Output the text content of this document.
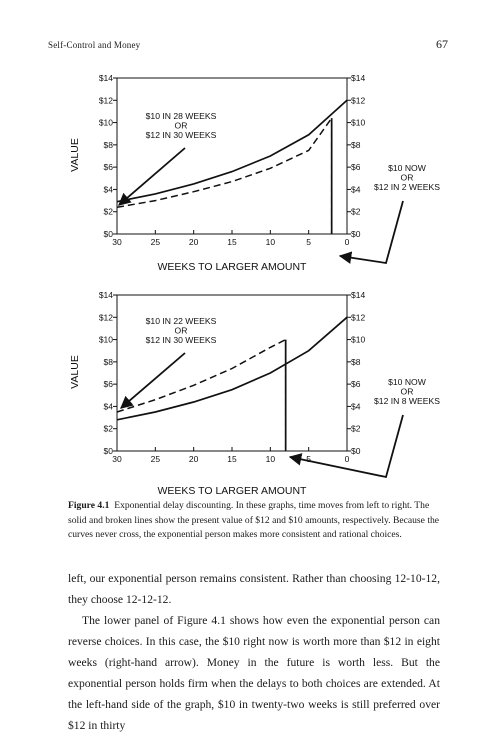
Self-Control and Money	67
$0	$0
$2	$2
$4	$4
$6	$6
$8	$8
$10	$10
$12	$12
$14	$14
30	25	20	15	10	5	0
WEEKS TO LARGER AMOUNT
VALUE
$10 IN 28 WEEKS OR $12 IN 30 WEEKS
$10 NOW OR $12 IN 2 WEEKS
$0	$0
$2	$2
$4	$4
$6	$6
$8	$8
$10	$10
$12	$12
$14	$14
30	25	20	15	10	5	0
WEEKS TO LARGER AMOUNT
VALUE
$10 IN 22 WEEKS OR $12 IN 30 WEEKS
$10 NOW OR $12 IN 8 WEEKS
Figure 4.1 Exponential delay discounting. In these graphs, time moves from left to right. The solid and broken lines show the present value of $12 and $10 amounts, respectively. Because the curves never cross, the exponential person makes more consistent and rational choices.

left, our exponential person remains consistent. Rather than choosing 12-10-12, they choose 12-12-12.

The lower panel of Figure 4.1 shows how even the exponential person can reverse choices. In this case, the $10 right now is worth more than $12 in eight weeks (right-hand arrow). Money in the future is worth less. But the exponential person holds firm when the delays to both choices are extended. At the left-hand side of the graph, $10 in twenty-two weeks is still preferred over $12 in thirty
